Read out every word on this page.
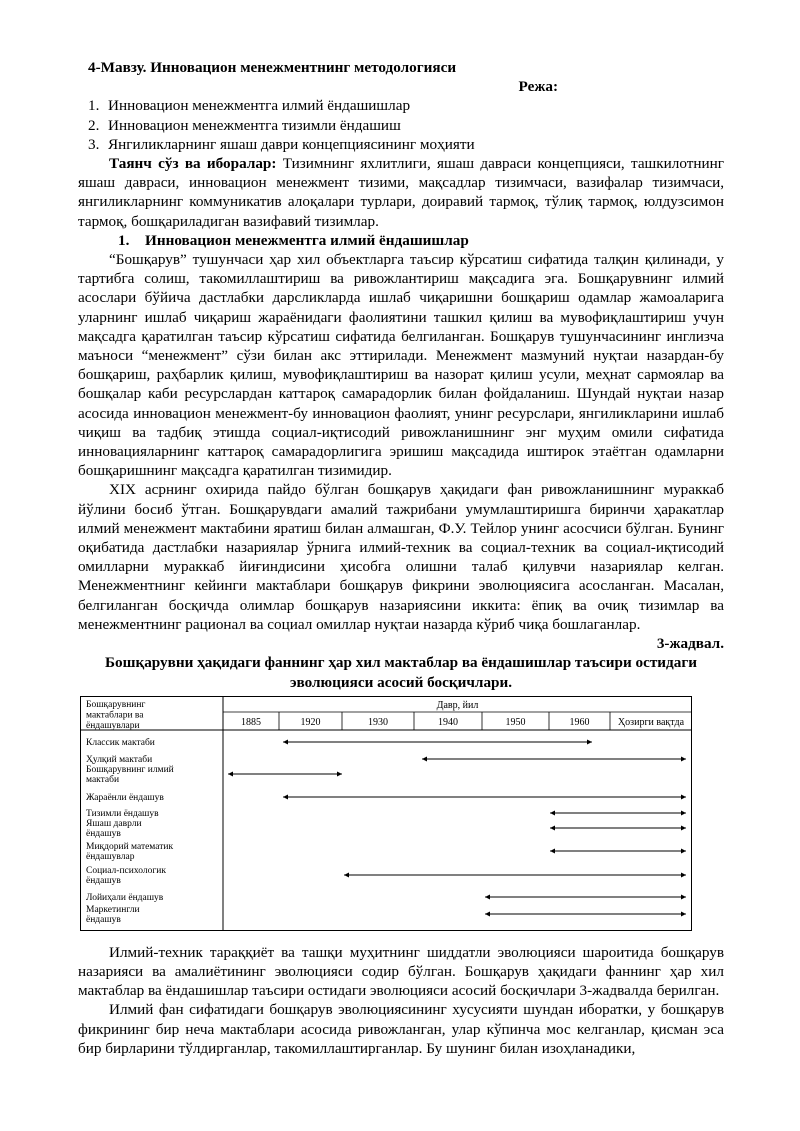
4-Мавзу. Инновацион менежментнинг методологияси
Режа:
1. Инновацион менежментга илмий ёндашишлар
2. Инновацион менежментга тизимли ёндашиш
3. Янгиликларнинг яшаш даври концепциясининг моҳияти

Таянч сўз ва иборалар: Тизимнинг яхлитлиги, яшаш давраси концепцияси, ташкилотнинг яшаш давраси, инновацион менежмент тизими, мақсадлар тизимчаси, вазифалар тизимчаси, янгиликларнинг коммуникатив алоқалари турлари, доиравий тармоқ, тўлиқ тармоқ, юлдузсимон тармоқ, бошқариладиган вазифавий тизимлар.

1. Инновацион менежментга илмий ёндашишлар

“Бошқарув” тушунчаси ҳар хил объектларга таъсир кўрсатиш сифатида талқин қилинади, у тартибга солиш, такомиллаштириш ва ривожлантириш мақсадига эга. Бошқарувнинг илмий асослари бўйича дастлабки дарсликларда ишлаб чиқаришни бошқариш одамлар жамоаларига уларнинг ишлаб чиқариш жараёнидаги фаолиятини ташкил қилиш ва мувофиқлаштириш учун мақсадга қаратилган таъсир кўрсатиш сифатида белгиланган. Бошқарув тушунчасининг инглизча маъноси “менежмент” сўзи билан акс эттирилади. Менежмент мазмуний нуқтаи назардан-бу бошқариш, раҳбарлик қилиш, мувофиқлаштириш ва назорат қилиш усули, меҳнат сармоялар ва бошқалар каби ресурслардан каттароқ самарадорлик билан фойдаланиш. Шундай нуқтаи назар асосида инновацион менежмент-бу инновацион фаолият, унинг ресурслари, янгиликларини ишлаб чиқиш ва тадбиқ этишда социал-иқтисодий ривожланишнинг энг муҳим омили сифатида инновацияларнинг каттароқ самарадорлигига эришиш мақсадида иштирок этаётган одамларни бошқаришнинг мақсадга қаратилган тизимидир.

XIX асрнинг охирида пайдо бўлган бошқарув ҳақидаги фан ривожланишнинг мураккаб йўлини босиб ўтган. Бошқарувдаги амалий тажрибани умумлаштиришга биринчи ҳаракатлар илмий менежмент мактабини яратиш билан алмашган, Ф.У. Тейлор унинг асосчиси бўлган. Бунинг оқибатида дастлабки назариялар ўрнига илмий-техник ва социал-техник ва социал-иқтисодий омилларни мураккаб йиғиндисини ҳисобга олишни талаб қилувчи назариялар келган. Менежментнинг кейинги мактаблари бошқарув фикрини эволюциясига асосланган. Масалан, белгиланган босқичда олимлар бошқарув назариясини иккита: ёпиқ ва очиқ тизимлар ва менежментнинг рационал ва социал омиллар нуқтаи назарда кўриб чиқа бошлаганлар.

3-жадвал.
Бошқарувни ҳақидаги фаннинг ҳар хил мактаблар ва ёндашишлар таъсири остидаги эволюцияси асосий босқичлари.
Бошқарувнинг мактаблари ва ёндашувлари
Давр, йил
1885	1920	1930	1940	1950	1960	Ҳозирги вақтда
Классик мактаби
Ҳулқий мактаби
Бошқарувнинг илмий мактаби
Жараёнли ёндашув
Тизимли ёндашув
Яшаш даврли ёндашув
Миқдорий математик ёндашувлар
Социал-психологик ёндашув
Лойиҳали ёндашув
Маркетингли ёндашув

Илмий-техник тараққиёт ва ташқи муҳитнинг шиддатли эволюцияси шароитида бошқарув назарияси ва амалиётининг эволюцияси содир бўлган. Бошқарув ҳақидаги фаннинг ҳар хил мактаблар ва ёндашишлар таъсири остидаги эволюцияси асосий босқичлари 3-жадвалда берилган.

Илмий фан сифатидаги бошқарув эволюциясининг хусусияти шундан иборатки, у бошқарув фикрининг бир неча мактаблари асосида ривожланган, улар кўпинча мос келганлар, қисман эса бир бирларини тўлдирганлар, такомиллаштирганлар. Бу шунинг билан изоҳланадики,
